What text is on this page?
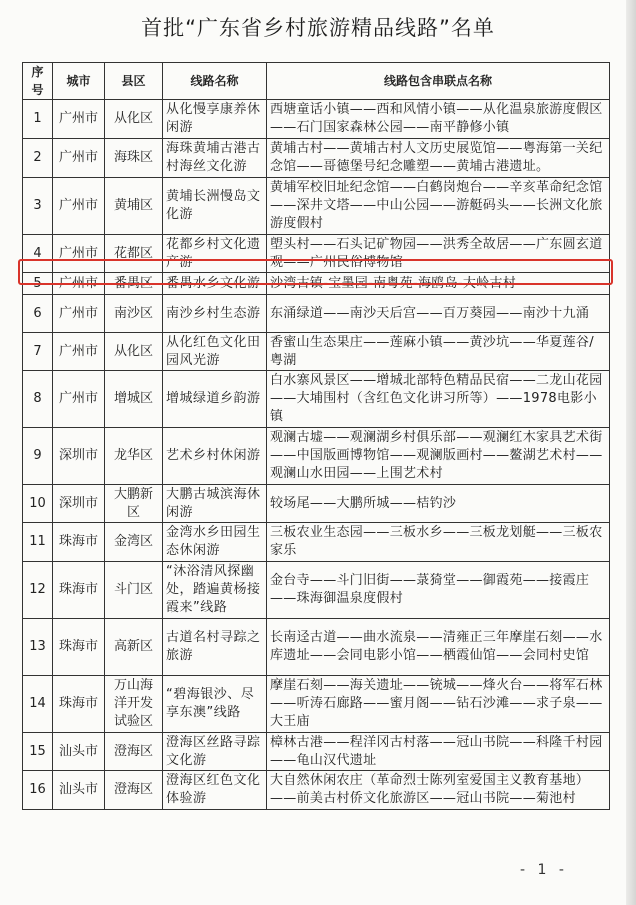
首批“广东省乡村旅游精品线路”名单
序号	城市	县区	线路名称	线路包含串联点名称
1	广州市	从化区	从化慢享康养休闲游	西塘童话小镇——西和风情小镇——从化温泉旅游度假区——石门国家森林公园——南平静修小镇
2	广州市	海珠区	海珠黄埔古港古村海丝文化游	黄埔古村——黄埔古村人文历史展览馆——粤海第一关纪念馆——哥德堡号纪念雕塑——黄埔古港遗址。
3	广州市	黄埔区	黄埔长洲慢岛文化游	黄埔军校旧址纪念馆——白鹤岗炮台——辛亥革命纪念馆——深井文塔——中山公园——游艇码头——长洲文化旅游度假村
4	广州市	花都区	花都乡村文化遗产游	塱头村——石头记矿物园——洪秀全故居——广东圆玄道观——广州民俗博物馆
5	广州市	番禺区	番禺水乡文化游	沙湾古镇-宝墨园-南粤苑-海鸥岛-大岭古村
6	广州市	南沙区	南沙乡村生态游	东涌绿道——南沙天后宫——百万葵园——南沙十九涌
7	广州市	从化区	从化红色文化田园风光游	香蜜山生态果庄——莲麻小镇——黄沙坑——华夏莲谷/粤湖
8	广州市	增城区	增城绿道乡韵游	白水寨风景区——增城北部特色精品民宿——二龙山花园——大埔围村（含红色文化讲习所等）——1978电影小镇
9	深圳市	龙华区	艺术乡村休闲游	观澜古墟——观澜湖乡村俱乐部——观澜红木家具艺术街——中国版画博物馆——观澜版画村——鳌湖艺术村——观澜山水田园——上围艺术村
10	深圳市	大鹏新区	大鹏古城滨海休闲游	较场尾——大鹏所城——桔钓沙
11	珠海市	金湾区	金湾水乡田园生态休闲游	三板农业生态园——三板水乡——三板龙划艇——三板农家乐
12	珠海市	斗门区	“沐浴清风探幽处，踏遍黄杨接霞来”线路	金台寺——斗门旧街——菉猗堂——御霞苑——接霞庄——珠海御温泉度假村
13	珠海市	高新区	古道名村寻踪之旅游	长南迳古道——曲水流泉——清雍正三年摩崖石刻——水库遗址——会同电影小馆——栖霞仙馆——会同村史馆
14	珠海市	万山海洋开发试验区	“碧海银沙、尽享东澳”线路	摩崖石刻——海关遗址——铳城——烽火台——将军石林——听涛石廊路——蜜月阁——钻石沙滩——求子泉——大王庙
15	汕头市	澄海区	澄海区丝路寻踪文化游	樟林古港——程洋冈古村落——冠山书院——科隆千村园——龟山汉代遗址
16	汕头市	澄海区	澄海区红色文化体验游	大自然休闲农庄（革命烈士陈列室爱国主义教育基地）——前美古村侨文化旅游区——冠山书院——菊池村
- 1 -
